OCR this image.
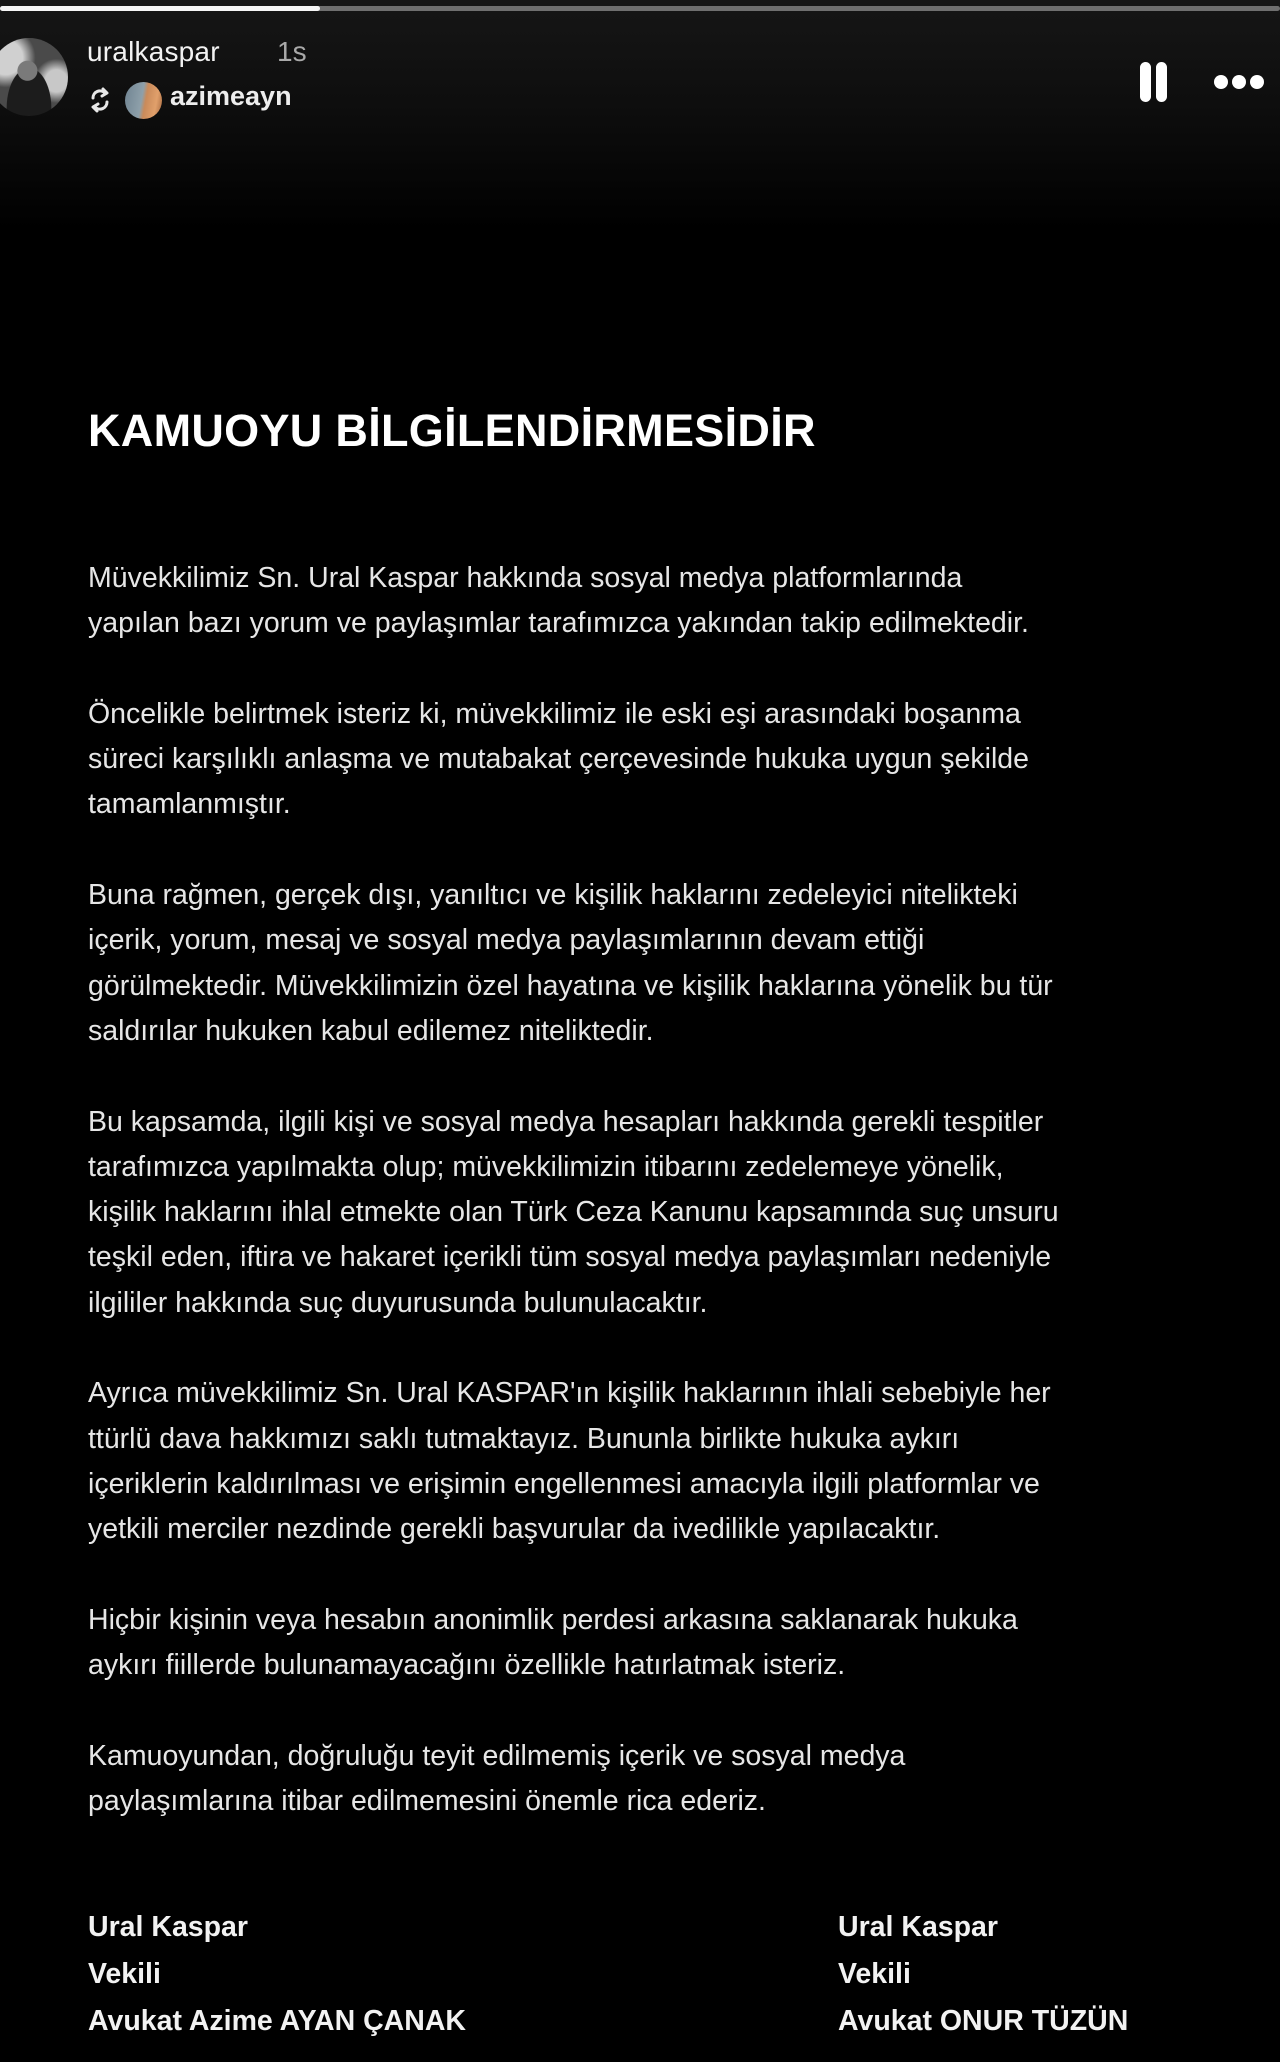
uralkaspar 1s
azimeayn
KAMUOYU BİLGİLENDİRMESİDİR

Müvekkilimiz Sn. Ural Kaspar hakkında sosyal medya platformlarında
yapılan bazı yorum ve paylaşımlar tarafımızca yakından takip edilmektedir.

Öncelikle belirtmek isteriz ki, müvekkilimiz ile eski eşi arasındaki boşanma
süreci karşılıklı anlaşma ve mutabakat çerçevesinde hukuka uygun şekilde
tamamlanmıştır.

Buna rağmen, gerçek dışı, yanıltıcı ve kişilik haklarını zedeleyici nitelikteki
içerik, yorum, mesaj ve sosyal medya paylaşımlarının devam ettiği
görülmektedir. Müvekkilimizin özel hayatına ve kişilik haklarına yönelik bu tür
saldırılar hukuken kabul edilemez niteliktedir.

Bu kapsamda, ilgili kişi ve sosyal medya hesapları hakkında gerekli tespitler
tarafımızca yapılmakta olup; müvekkilimizin itibarını zedelemeye yönelik,
kişilik haklarını ihlal etmekte olan Türk Ceza Kanunu kapsamında suç unsuru
teşkil eden, iftira ve hakaret içerikli tüm sosyal medya paylaşımları nedeniyle
ilgililer hakkında suç duyurusunda bulunulacaktır.

Ayrıca müvekkilimiz Sn. Ural KASPAR'ın kişilik haklarının ihlali sebebiyle her
ttürlü dava hakkımızı saklı tutmaktayız. Bununla birlikte hukuka aykırı
içeriklerin kaldırılması ve erişimin engellenmesi amacıyla ilgili platformlar ve
yetkili merciler nezdinde gerekli başvurular da ivedilikle yapılacaktır.

Hiçbir kişinin veya hesabın anonimlik perdesi arkasına saklanarak hukuka
aykırı fiillerde bulunamayacağını özellikle hatırlatmak isteriz.

Kamuoyundan, doğruluğu teyit edilmemiş içerik ve sosyal medya
paylaşımlarına itibar edilmemesini önemle rica ederiz.

Ural Kaspar
Vekili
Avukat Azime AYAN ÇANAK
Ural Kaspar
Vekili
Avukat ONUR TÜZÜN
